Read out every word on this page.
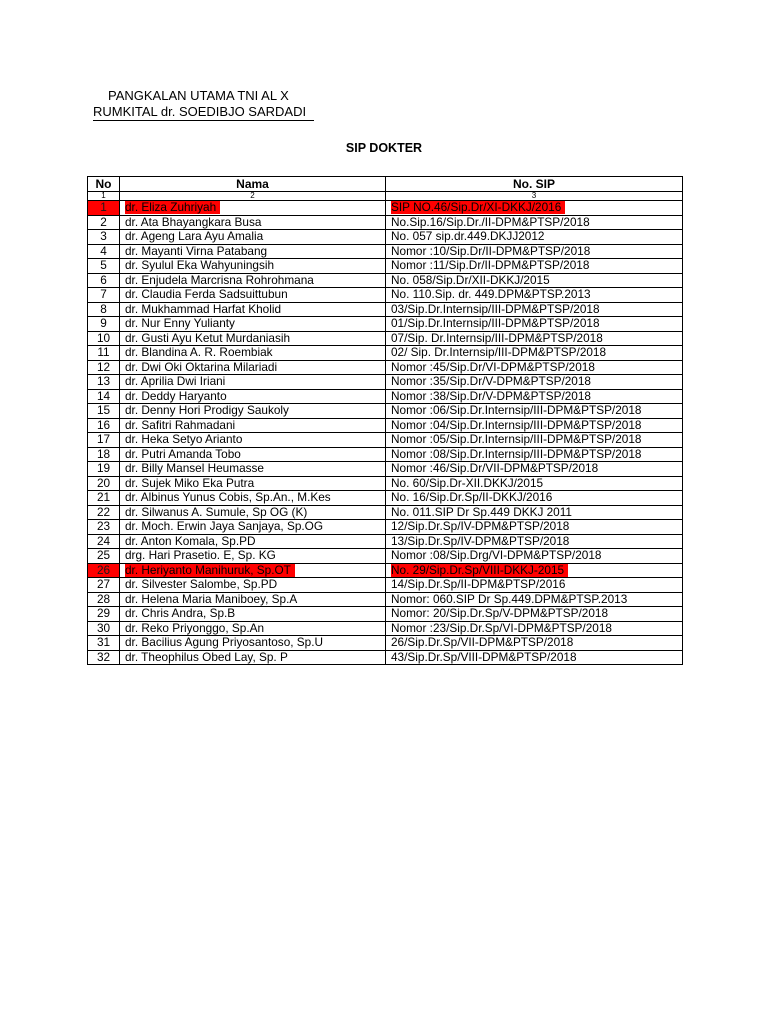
PANGKALAN UTAMA TNI AL X
RUMKITAL dr. SOEDIBJO SARDADI
SIP DOKTER
No	Nama	No. SIP
1	2	3
1	dr. Eliza Zuhriyah	SIP NO.46/Sip.Dr/XI-DKKJ/2016
2	dr. Ata Bhayangkara Busa	No.Sip.16/Sip.Dr./II-DPM&PTSP/2018
3	dr. Ageng Lara Ayu Amalia	No. 057 sip.dr.449.DKJJ2012
4	dr. Mayanti Virna Patabang	Nomor :10/Sip.Dr/II-DPM&PTSP/2018
5	dr. Syulul Eka Wahyuningsih	Nomor :11/Sip.Dr/II-DPM&PTSP/2018
6	dr. Enjudela Marcrisna Rohrohmana	No. 058/Sip.Dr/XII-DKKJ/2015
7	dr. Claudia Ferda Sadsuittubun	No. 110.Sip. dr. 449.DPM&PTSP.2013
8	dr. Mukhammad Harfat Kholid	03/Sip.Dr.Internsip/III-DPM&PTSP/2018
9	dr. Nur Enny Yulianty	01/Sip.Dr.Internsip/III-DPM&PTSP/2018
10	dr. Gusti Ayu Ketut Murdaniasih	07/Sip. Dr.Internsip/III-DPM&PTSP/2018
11	dr. Blandina A. R. Roembiak	02/ Sip. Dr.Internsip/III-DPM&PTSP/2018
12	dr. Dwi Oki Oktarina Milariadi	Nomor :45/Sip.Dr/VI-DPM&PTSP/2018
13	dr. Aprilia Dwi Iriani	Nomor :35/Sip.Dr/V-DPM&PTSP/2018
14	dr. Deddy Haryanto	Nomor :38/Sip.Dr/V-DPM&PTSP/2018
15	dr. Denny Hori Prodigy Saukoly	Nomor :06/Sip.Dr.Internsip/III-DPM&PTSP/2018
16	dr. Safitri Rahmadani	Nomor :04/Sip.Dr.Internsip/III-DPM&PTSP/2018
17	dr. Heka Setyo Arianto	Nomor :05/Sip.Dr.Internsip/III-DPM&PTSP/2018
18	dr. Putri Amanda Tobo	Nomor :08/Sip.Dr.Internsip/III-DPM&PTSP/2018
19	dr. Billy Mansel Heumasse	Nomor :46/Sip.Dr/VII-DPM&PTSP/2018
20	dr. Sujek Miko Eka Putra	No. 60/Sip.Dr-XII.DKKJ/2015
21	dr. Albinus Yunus Cobis, Sp.An., M.Kes	No. 16/Sip.Dr.Sp/II-DKKJ/2016
22	dr. Silwanus A. Sumule, Sp OG (K)	No. 011.SIP Dr Sp.449 DKKJ 2011
23	dr. Moch. Erwin Jaya Sanjaya, Sp.OG	12/Sip.Dr.Sp/IV-DPM&PTSP/2018
24	dr. Anton Komala, Sp.PD	13/Sip.Dr.Sp/IV-DPM&PTSP/2018
25	drg. Hari Prasetio. E, Sp. KG	Nomor :08/Sip.Drg/VI-DPM&PTSP/2018
26	dr. Heriyanto Manihuruk, Sp.OT	No. 29/Sip.Dr.Sp/VIII-DKKJ-2015
27	dr. Silvester Salombe, Sp.PD	14/Sip.Dr.Sp/II-DPM&PTSP/2016
28	dr. Helena Maria Maniboey, Sp.A	Nomor: 060.SIP Dr Sp.449.DPM&PTSP.2013
29	dr. Chris Andra, Sp.B	Nomor: 20/Sip.Dr.Sp/V-DPM&PTSP/2018
30	dr. Reko Priyonggo, Sp.An	Nomor :23/Sip.Dr.Sp/VI-DPM&PTSP/2018
31	dr. Bacilius Agung Priyosantoso, Sp.U	26/Sip.Dr.Sp/VII-DPM&PTSP/2018
32	dr. Theophilus Obed Lay, Sp. P	43/Sip.Dr.Sp/VIII-DPM&PTSP/2018
